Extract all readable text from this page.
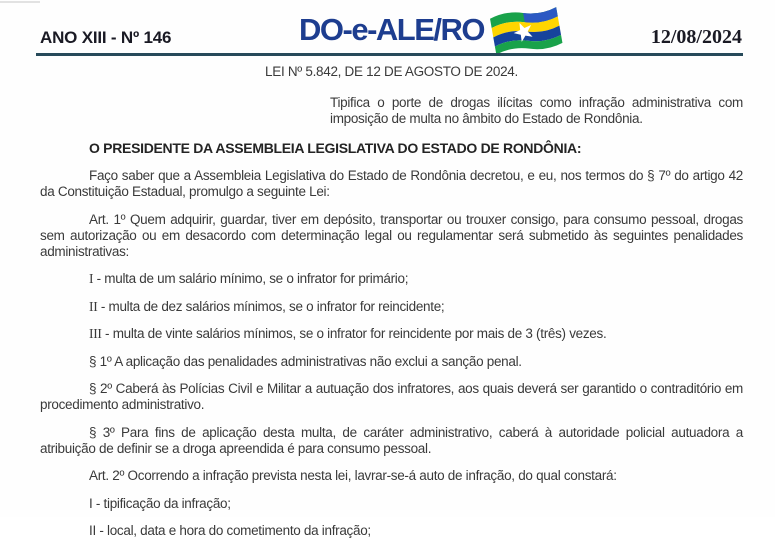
ANO XIII - Nº 146	DO-e-ALE/RO	12/08/2024

LEI Nº 5.842, DE 12 DE AGOSTO DE 2024.

Tipifica o porte de drogas ilícitas como infração administrativa com imposição de multa no âmbito do Estado de Rondônia.

O PRESIDENTE DA ASSEMBLEIA LEGISLATIVA DO ESTADO DE RONDÔNIA:

Faço saber que a Assembleia Legislativa do Estado de Rondônia decretou, e eu, nos termos do § 7º do artigo 42 da Constituição Estadual, promulgo a seguinte Lei:

Art. 1º Quem adquirir, guardar, tiver em depósito, transportar ou trouxer consigo, para consumo pessoal, drogas sem autorização ou em desacordo com determinação legal ou regulamentar será submetido às seguintes penalidades administrativas:

I - multa de um salário mínimo, se o infrator for primário;

II - multa de dez salários mínimos, se o infrator for reincidente;

III - multa de vinte salários mínimos, se o infrator for reincidente por mais de 3 (três) vezes.

§ 1º A aplicação das penalidades administrativas não exclui a sanção penal.

§ 2º Caberá às Polícias Civil e Militar a autuação dos infratores, aos quais deverá ser garantido o contraditório em procedimento administrativo.

§ 3º Para fins de aplicação desta multa, de caráter administrativo, caberá à autoridade policial autuadora a atribuição de definir se a droga apreendida é para consumo pessoal.

Art. 2º Ocorrendo a infração prevista nesta lei, lavrar-se-á auto de infração, do qual constará:

I - tipificação da infração;

II - local, data e hora do cometimento da infração;
